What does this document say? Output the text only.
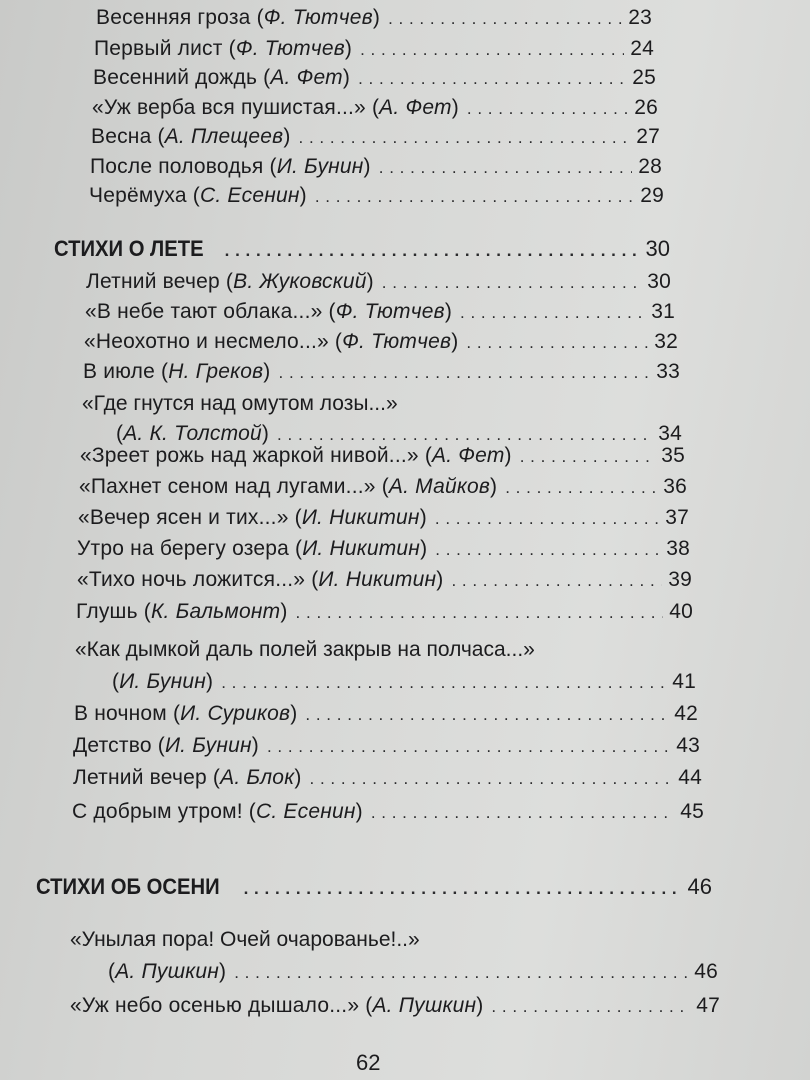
Весенняя гроза (Ф. Тютчев) . . .	23
Первый лист (Ф. Тютчев) . . .	24
Весенний дождь (А. Фет) . . .	25
«Уж верба вся пушистая...» (А. Фет) . . .	26
Весна (А. Плещеев) . . .	27
После половодья (И. Бунин) . . .	28
Черёмуха (С. Есенин) . . .	29
СТИХИ О ЛЕТЕ . . .	30
Летний вечер (В. Жуковский) . . .	30
«В небе тают облака...» (Ф. Тютчев) . . .	31
«Неохотно и несмело...» (Ф. Тютчев) . . .	32
В июле (Н. Греков) . . .	33
«Где гнутся над омутом лозы...»
(А. К. Толстой) . . .	34
«Зреет рожь над жаркой нивой...» (А. Фет) . . .	35
«Пахнет сеном над лугами...» (А. Майков) . . .	36
«Вечер ясен и тих...» (И. Никитин) . . .	37
Утро на берегу озера (И. Никитин) . . .	38
«Тихо ночь ложится...» (И. Никитин) . . .	39
Глушь (К. Бальмонт) . . .	40
«Как дымкой даль полей закрыв на полчаса...»
(И. Бунин) . . .	41
В ночном (И. Суриков) . . .	42
Детство (И. Бунин) . . .	43
Летний вечер (А. Блок) . . .	44
С добрым утром! (С. Есенин) . . .	45
СТИХИ ОБ ОСЕНИ . . .	46
«Унылая пора! Очей очарованье!..»
(А. Пушкин) . . .	46
«Уж небо осенью дышало...» (А. Пушкин) . . .	47
62
